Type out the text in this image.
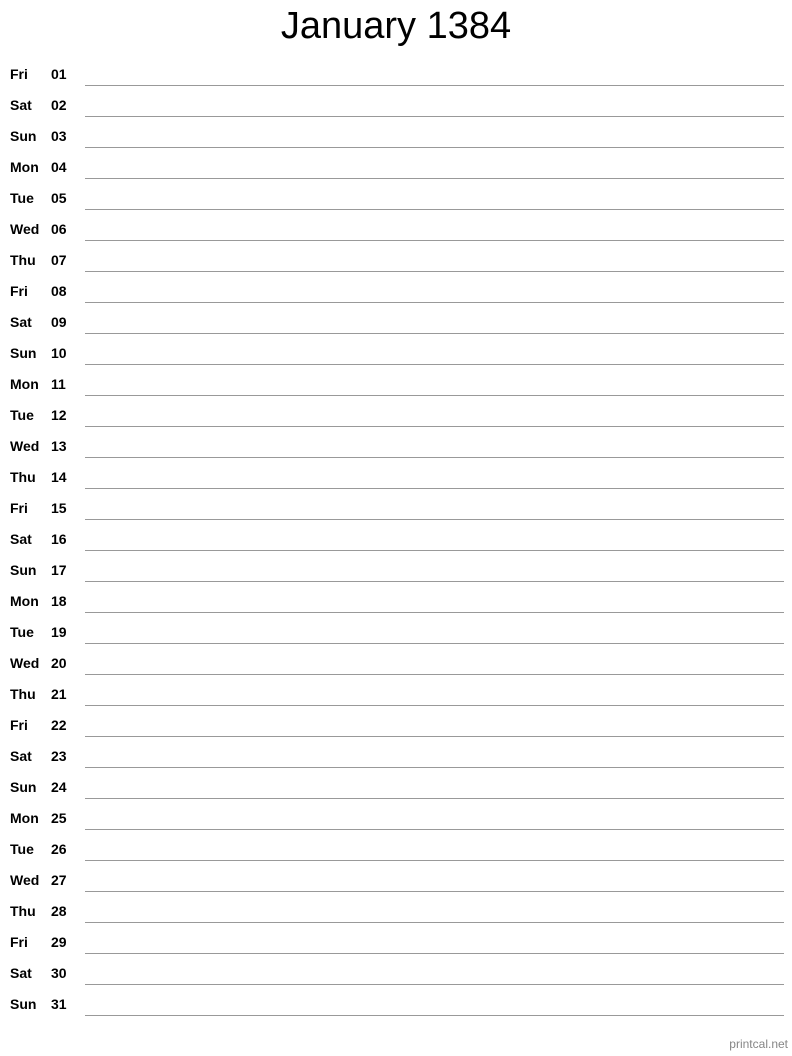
January 1384
Fri 01
Sat 02
Sun 03
Mon 04
Tue 05
Wed 06
Thu 07
Fri 08
Sat 09
Sun 10
Mon 11
Tue 12
Wed 13
Thu 14
Fri 15
Sat 16
Sun 17
Mon 18
Tue 19
Wed 20
Thu 21
Fri 22
Sat 23
Sun 24
Mon 25
Tue 26
Wed 27
Thu 28
Fri 29
Sat 30
Sun 31
printcal.net
